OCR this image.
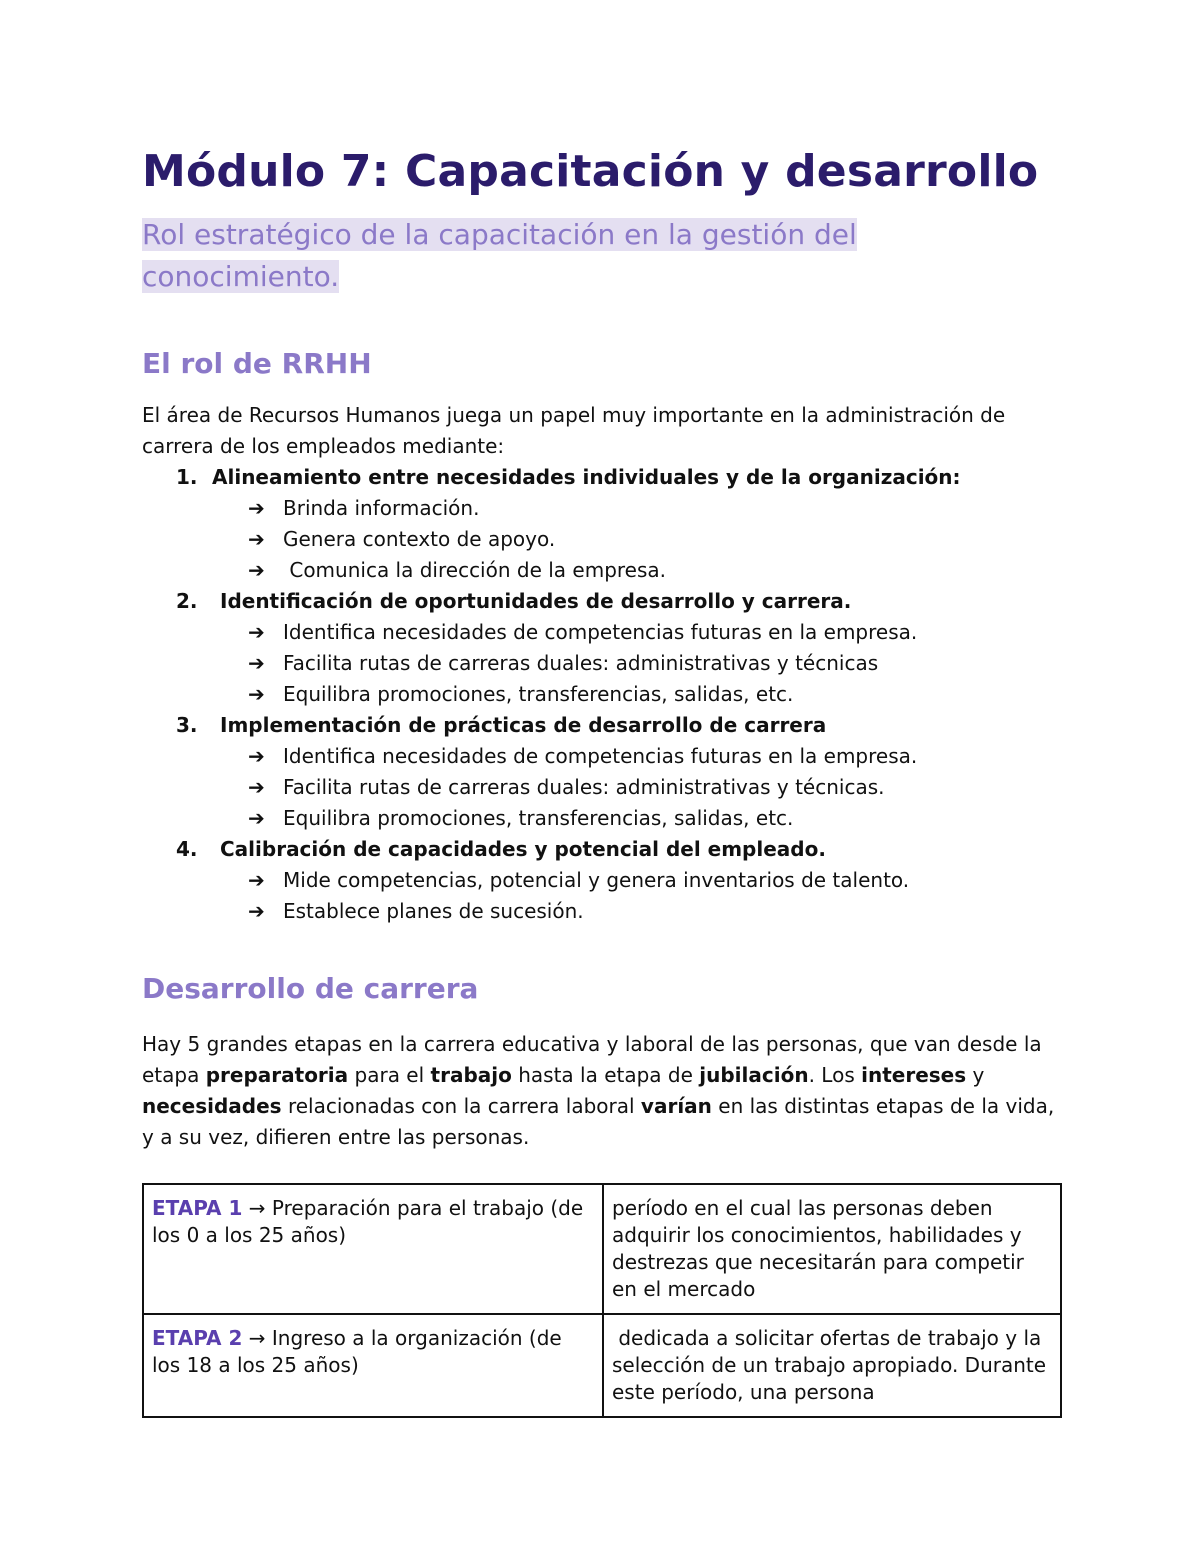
Módulo 7: Capacitación y desarrollo

Rol estratégico de la capacitación en la gestión del conocimiento.

El rol de RRHH

El área de Recursos Humanos juega un papel muy importante en la administración de carrera de los empleados mediante:

1. Alineamiento entre necesidades individuales y de la organización:
➔ Brinda información.
➔ Genera contexto de apoyo.
➔ Comunica la dirección de la empresa.
2.	Identificación de oportunidades de desarrollo y carrera.
➔ Identifica necesidades de competencias futuras en la empresa.
➔ Facilita rutas de carreras duales: administrativas y técnicas
➔ Equilibra promociones, transferencias, salidas, etc.
3.	Implementación de prácticas de desarrollo de carrera
➔ Identifica necesidades de competencias futuras en la empresa.
➔ Facilita rutas de carreras duales: administrativas y técnicas.
➔ Equilibra promociones, transferencias, salidas, etc.
4.	Calibración de capacidades y potencial del empleado.
➔ Mide competencias, potencial y genera inventarios de talento.
➔ Establece planes de sucesión.
Desarrollo de carrera

Hay 5 grandes etapas en la carrera educativa y laboral de las personas, que van desde la etapa preparatoria para el trabajo hasta la etapa de jubilación. Los intereses y necesidades relacionadas con la carrera laboral varían en las distintas etapas de la vida, y a su vez, difieren entre las personas.

ETAPA 1 → Preparación para el trabajo (de los 0 a los 25 años)	período en el cual las personas deben adquirir los conocimientos, habilidades y destrezas que necesitarán para competir en el mercado
ETAPA 2 → Ingreso a la organización (de los 18 a los 25 años)	dedicada a solicitar ofertas de trabajo y la selección de un trabajo apropiado. Durante este período, una persona
